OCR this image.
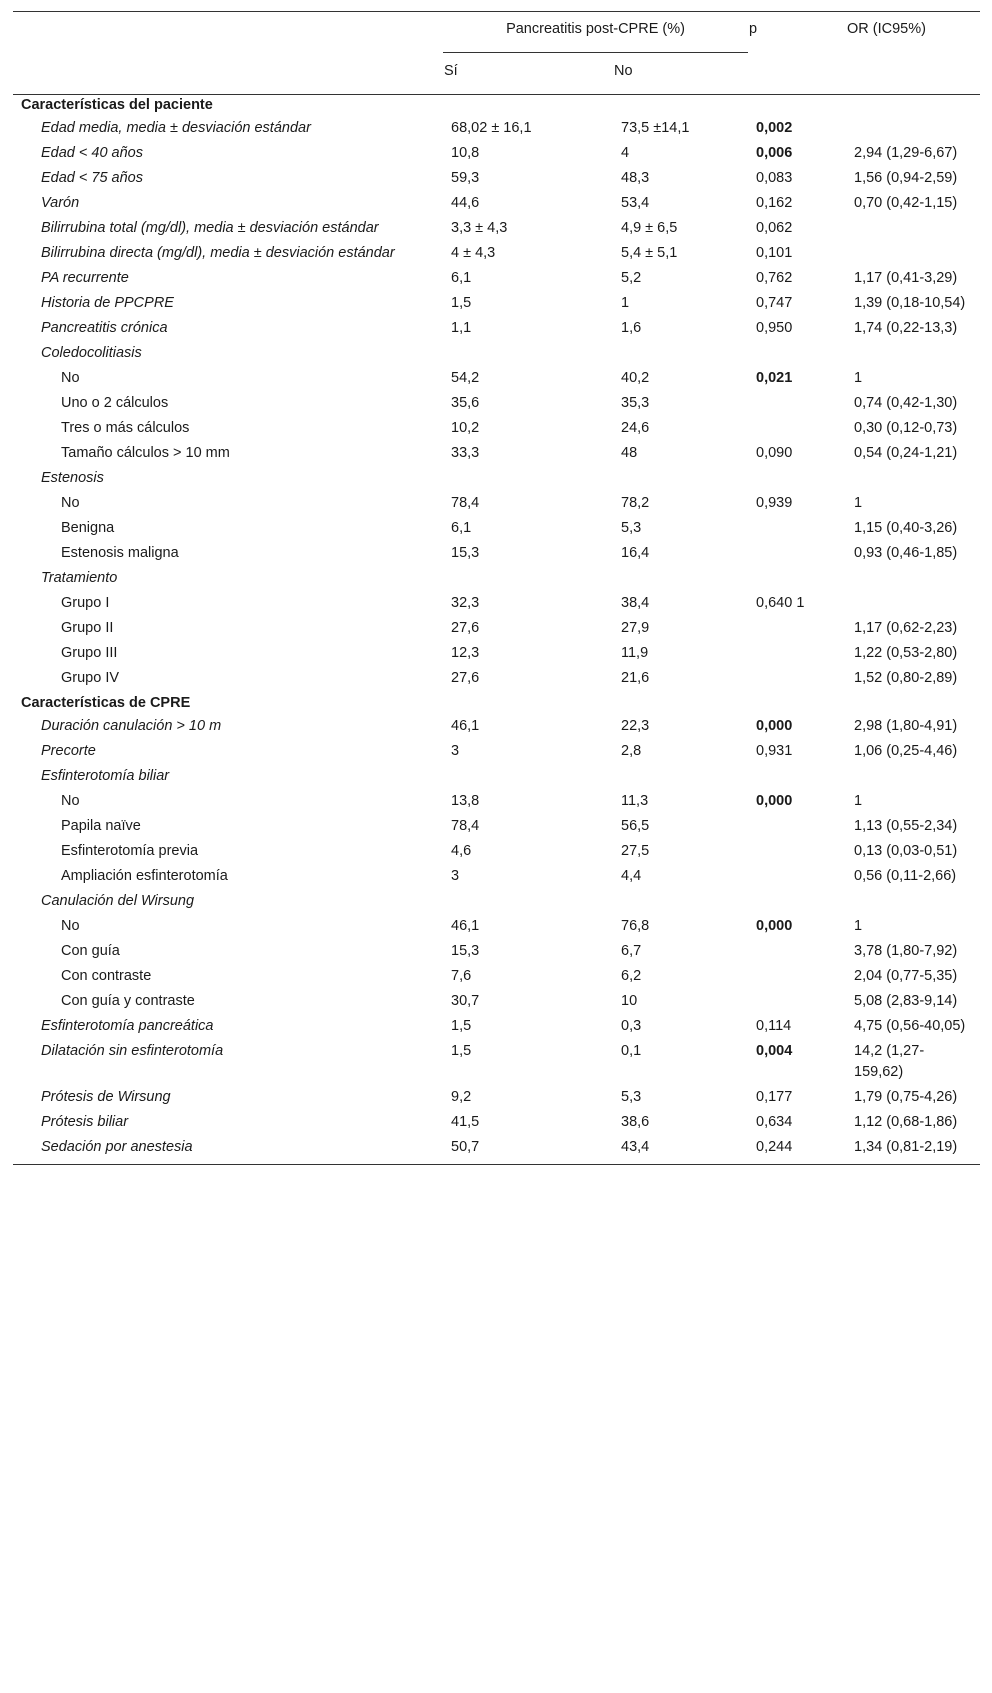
	Pancreatitis post-CPRE (%)		p	OR (IC95%)
	Sí	No		
Características del paciente				
Edad media, media ± desviación estándar	68,02 ± 16,1	73,5 ±14,1	0,002	
Edad < 40 años	10,8	4	0,006	2,94 (1,29-6,67)
Edad < 75 años	59,3	48,3	0,083	1,56 (0,94-2,59)
Varón	44,6	53,4	0,162	0,70 (0,42-1,15)
Bilirrubina total (mg/dl), media ± desviación estándar	3,3 ± 4,3	4,9 ± 6,5	0,062	
Bilirrubina directa (mg/dl), media ± desviación estándar	4 ± 4,3	5,4 ± 5,1	0,101	
PA recurrente	6,1	5,2	0,762	1,17 (0,41-3,29)
Historia de PPCPRE	1,5	1	0,747	1,39 (0,18-10,54)
Pancreatitis crónica	1,1	1,6	0,950	1,74 (0,22-13,3)
Coledocolitiasis				
No	54,2	40,2	0,021	1
Uno o 2 cálculos	35,6	35,3		0,74 (0,42-1,30)
Tres o más cálculos	10,2	24,6		0,30 (0,12-0,73)
Tamaño cálculos > 10 mm	33,3	48	0,090	0,54 (0,24-1,21)
Estenosis				
No	78,4	78,2	0,939	1
Benigna	6,1	5,3		1,15 (0,40-3,26)
Estenosis maligna	15,3	16,4		0,93 (0,46-1,85)
Tratamiento				
Grupo I	32,3	38,4	0,640 1	
Grupo II	27,6	27,9		1,17 (0,62-2,23)
Grupo III	12,3	11,9		1,22 (0,53-2,80)
Grupo IV	27,6	21,6		1,52 (0,80-2,89)
Características de CPRE				
Duración canulación > 10 m	46,1	22,3	0,000	2,98 (1,80-4,91)
Precorte	3	2,8	0,931	1,06 (0,25-4,46)
Esfinterotomía biliar				
No	13,8	11,3	0,000	1
Papila naïve	78,4	56,5		1,13 (0,55-2,34)
Esfinterotomía previa	4,6	27,5		0,13 (0,03-0,51)
Ampliación esfinterotomía	3	4,4		0,56 (0,11-2,66)
Canulación del Wirsung				
No	46,1	76,8	0,000	1
Con guía	15,3	6,7		3,78 (1,80-7,92)
Con contraste	7,6	6,2		2,04 (0,77-5,35)
Con guía y contraste	30,7	10		5,08 (2,83-9,14)
Esfinterotomía pancreática	1,5	0,3	0,114	4,75 (0,56-40,05)
Dilatación sin esfinterotomía	1,5	0,1	0,004	14,2 (1,27-159,62)
Prótesis de Wirsung	9,2	5,3	0,177	1,79 (0,75-4,26)
Prótesis biliar	41,5	38,6	0,634	1,12 (0,68-1,86)
Sedación por anestesia	50,7	43,4	0,244	1,34 (0,81-2,19)
